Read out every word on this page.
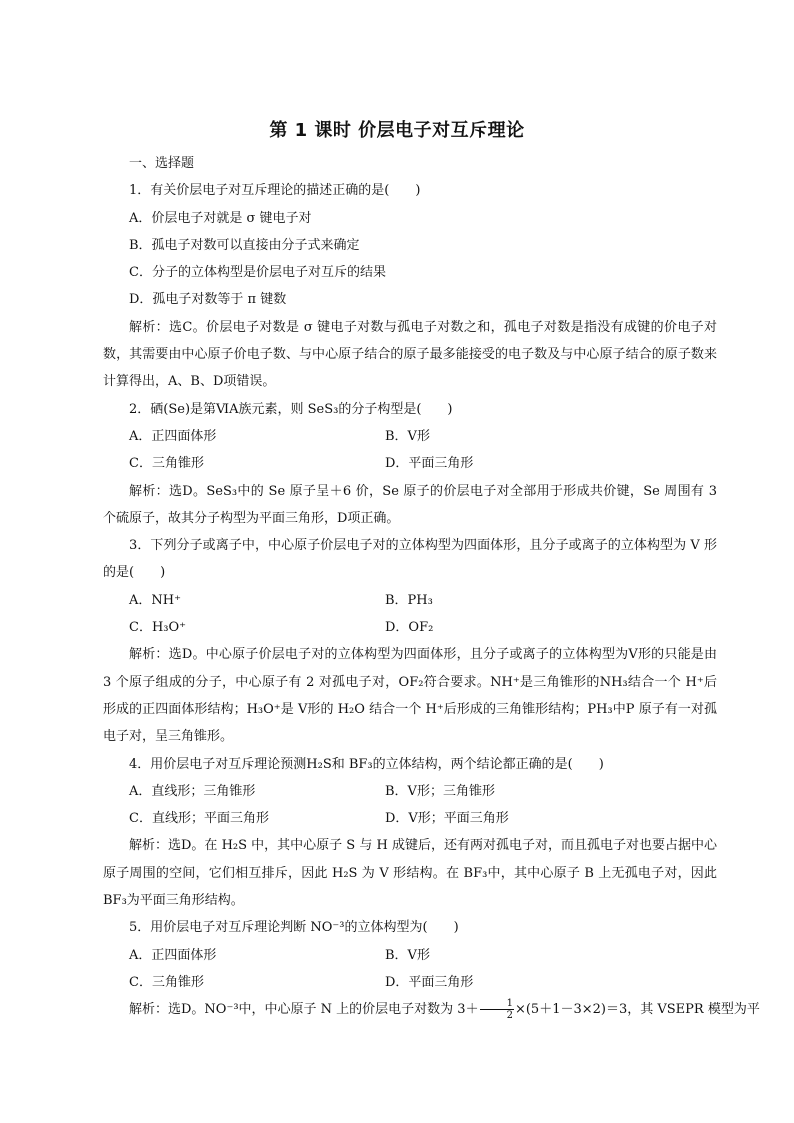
第 1 课时 价层电子对互斥理论

一、选择题

1．有关价层电子对互斥理论的描述正确的是(　　)

A．价层电子对就是 σ 键电子对

B．孤电子对数可以直接由分子式来确定

C．分子的立体构型是价层电子对互斥的结果

D．孤电子对数等于 π 键数

解析：选C。价层电子对数是 σ 键电子对数与孤电子对数之和，孤电子对数是指没有成键的价电子对数，其需要由中心原子价电子数、与中心原子结合的原子最多能接受的电子数及与中心原子结合的原子数来计算得出，A、B、D项错误。

2．硒(Se)是第ⅥA族元素，则 SeS₃的分子构型是(　　)

A．正四面体形	B．V形

C．三角锥形	D．平面三角形

解析：选D。SeS₃中的 Se 原子呈＋6 价，Se 原子的价层电子对全部用于形成共价键，Se 周围有 3 个硫原子，故其分子构型为平面三角形，D项正确。

3．下列分子或离子中，中心原子价层电子对的立体构型为四面体形，且分子或离子的立体构型为 V 形的是(　　)

A．NH⁺	B．PH₃

C．H₃O⁺	D．OF₂

解析：选D。中心原子价层电子对的立体构型为四面体形，且分子或离子的立体构型为V形的只能是由 3 个原子组成的分子，中心原子有 2 对孤电子对，OF₂符合要求。NH⁺是三角锥形的NH₃结合一个 H⁺后形成的正四面体形结构；H₃O⁺是 V形的 H₂O 结合一个 H⁺后形成的三角锥形结构；PH₃中P 原子有一对孤电子对，呈三角锥形。

4．用价层电子对互斥理论预测H₂S和 BF₃的立体结构，两个结论都正确的是(　　)

A．直线形；三角锥形	B．V形；三角锥形

C．直线形；平面三角形	D．V形；平面三角形

解析：选D。在 H₂S 中，其中心原子 S 与 H 成键后，还有两对孤电子对，而且孤电子对也要占据中心原子周围的空间，它们相互排斥，因此 H₂S 为 V 形结构。在 BF₃中，其中心原子 B 上无孤电子对，因此 BF₃为平面三角形结构。

5．用价层电子对互斥理论判断 NO⁻³的立体构型为(　　)

A．正四面体形	B．V形

C．三角锥形	D．平面三角形

解析：选D。NO⁻³中，中心原子 N 上的价层电子对数为 $3+ \frac{1}{2} \times(5+1-3\times 2)=3$，其 VSEPR 模型为平
